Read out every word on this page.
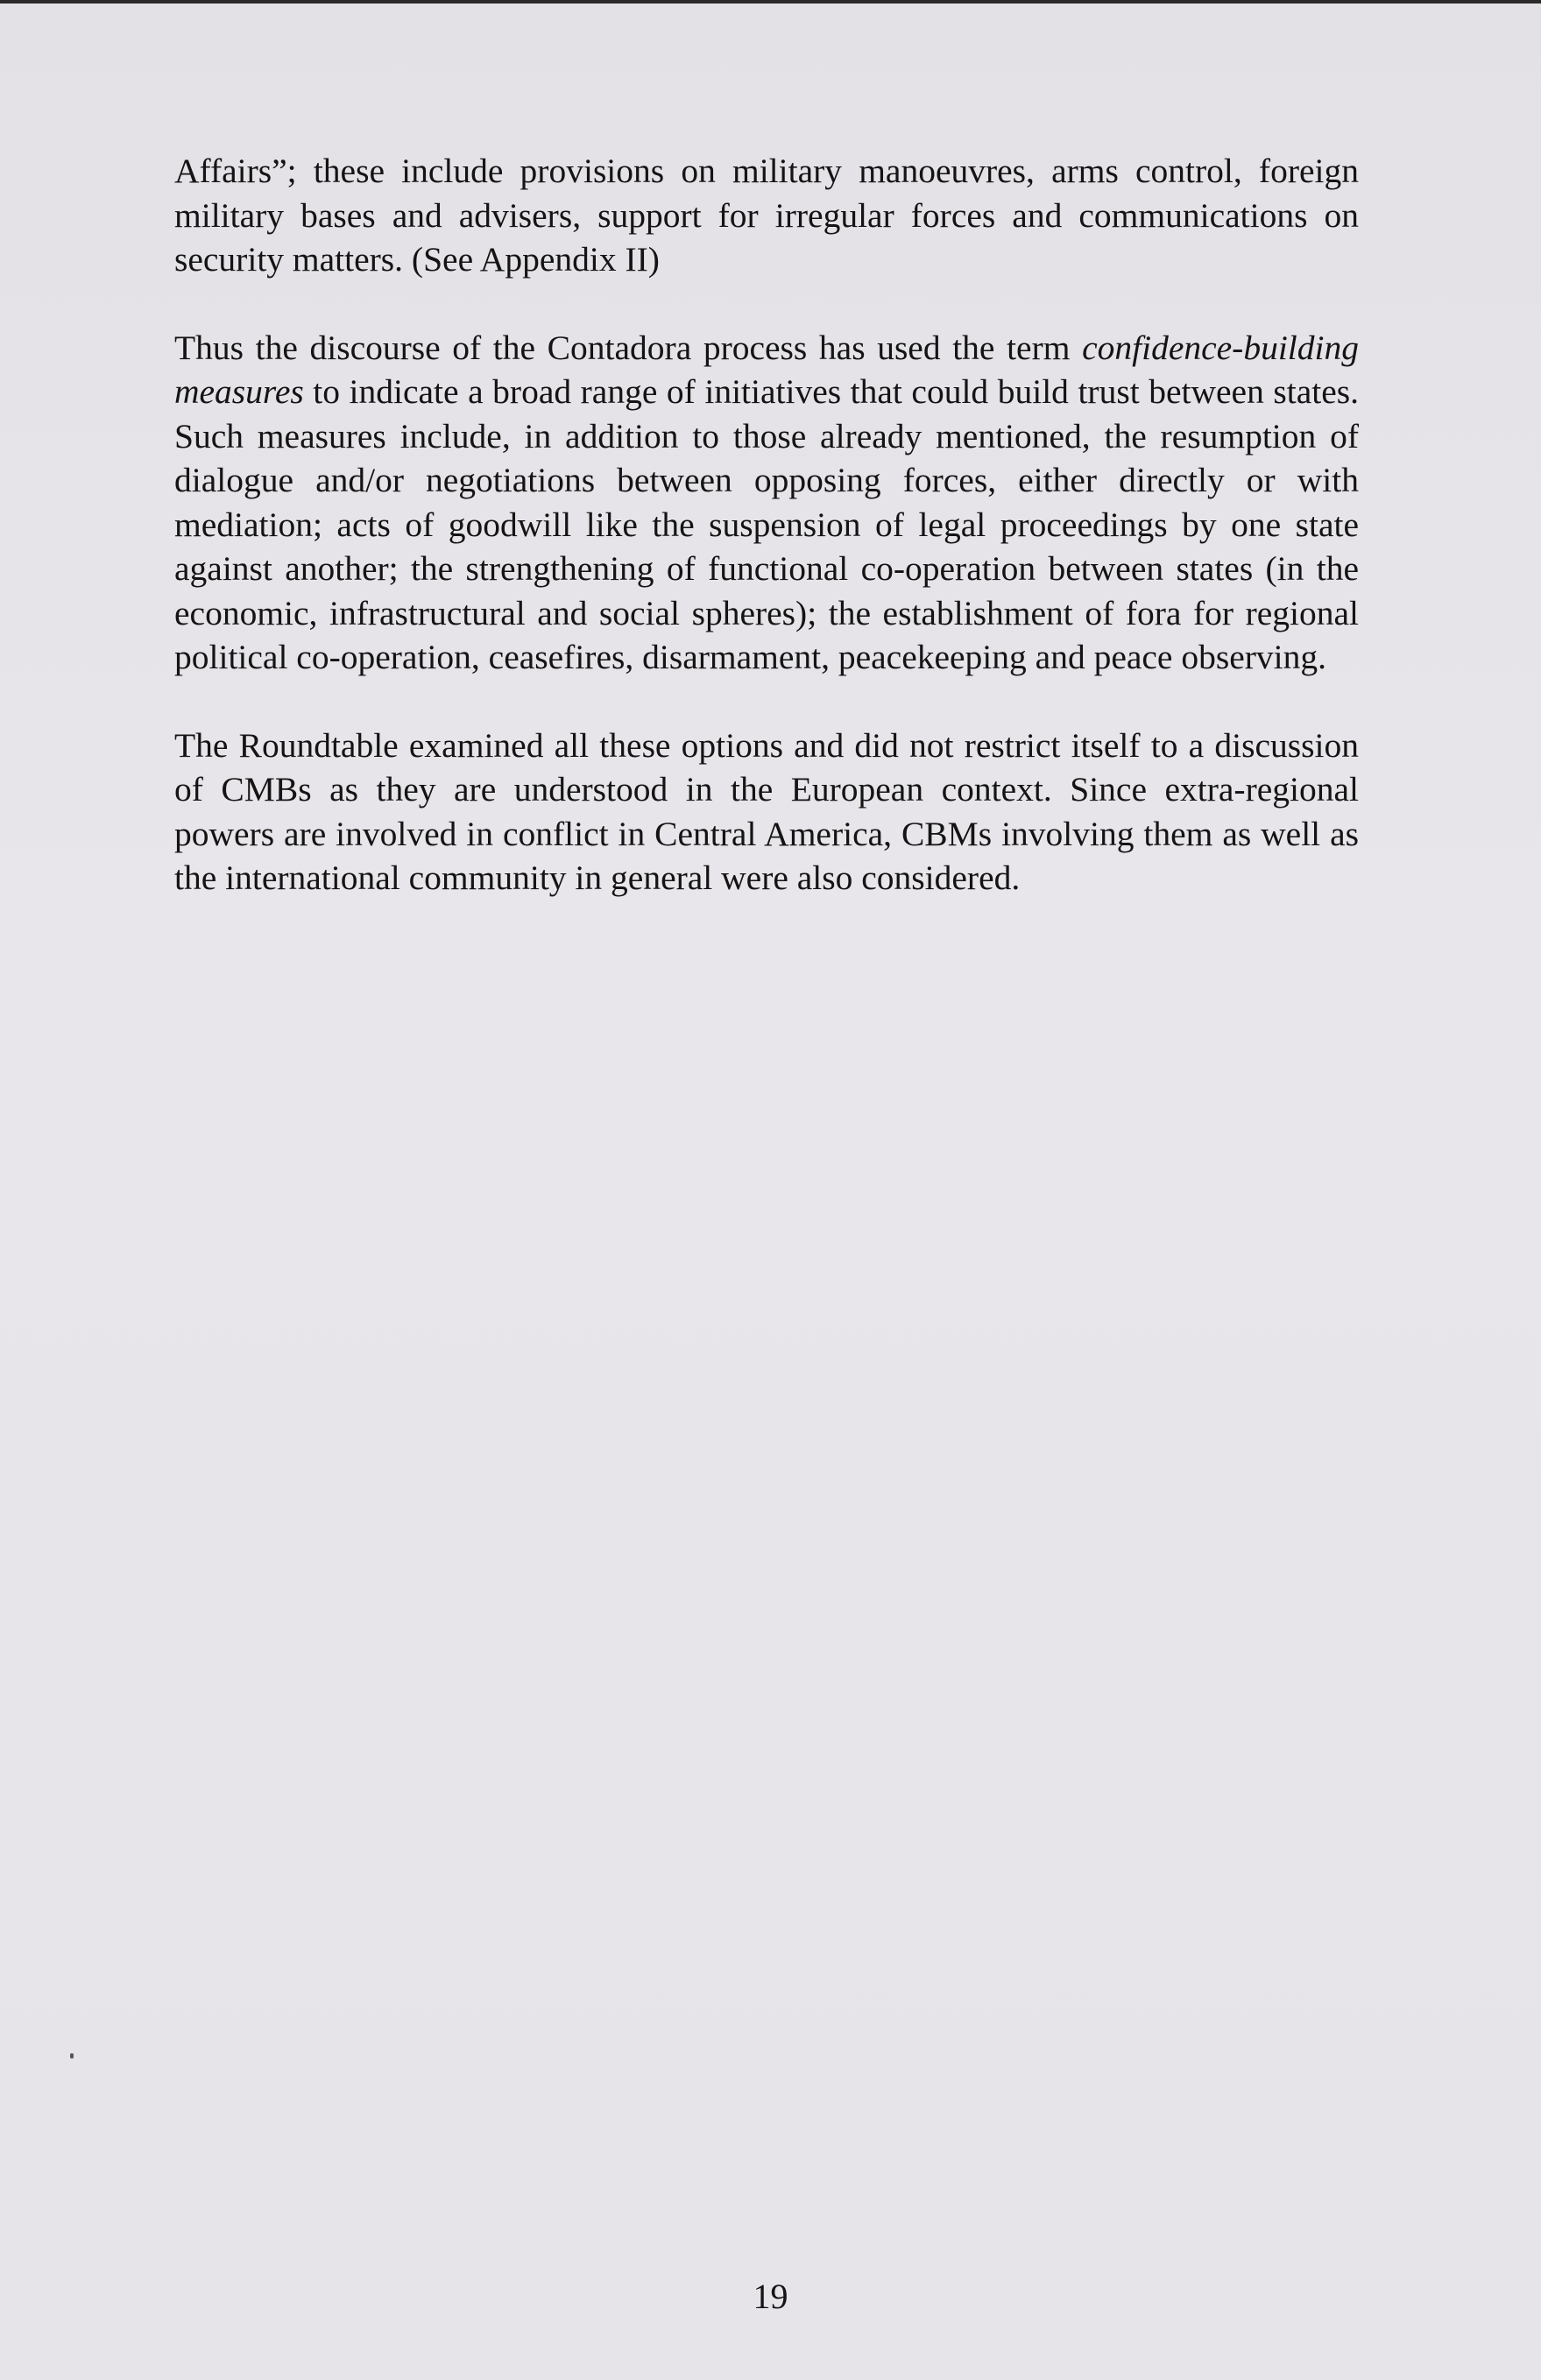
Affairs”; these include provisions on military manoeuvres, arms control, foreign military bases and advisers, support for irregular forces and communications on security matters. (See Appendix II)

Thus the discourse of the Contadora process has used the term confidence-building measures to indicate a broad range of initiatives that could build trust between states. Such measures include, in addition to those already mentioned, the resumption of dialogue and/or negotiations between opposing forces, either directly or with mediation; acts of goodwill like the suspension of legal proceedings by one state against another; the strengthening of functional co-operation between states (in the economic, infrastructural and social spheres); the establishment of fora for regional political co-operation, ceasefires, disarmament, peacekeeping and peace observing.

The Roundtable examined all these options and did not restrict itself to a discussion of CMBs as they are understood in the European context. Since extra-regional powers are involved in conflict in Central America, CBMs involving them as well as the international community in general were also considered.

19
